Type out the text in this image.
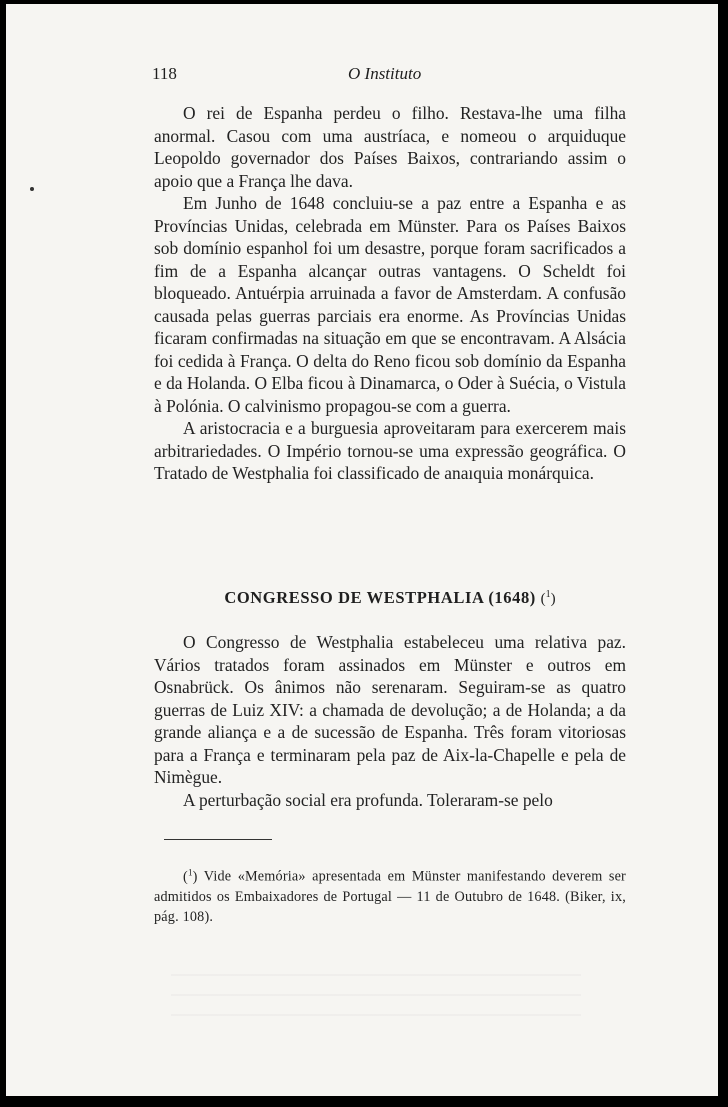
118	O Instituto

O rei de Espanha perdeu o filho. Restava-lhe uma filha anormal. Casou com uma austríaca, e nomeou o arquiduque Leopoldo governador dos Países Baixos, contrariando assim o apoio que a França lhe dava.

Em Junho de 1648 concluiu-se a paz entre a Espanha e as Províncias Unidas, celebrada em Münster. Para os Países Baixos sob domínio espanhol foi um desastre, porque foram sacrificados a fim de a Espanha alcançar outras vantagens. O Scheldt foi bloqueado. Antuérpia arruinada a favor de Amsterdam. A confusão causada pelas guerras parciais era enorme. As Províncias Unidas ficaram confirmadas na situação em que se encontravam. A Alsácia foi cedida à França. O delta do Reno ficou sob domínio da Espanha e da Holanda. O Elba ficou à Dinamarca, o Oder à Suécia, o Vistula à Polónia. O calvinismo propagou-se com a guerra.

A aristocracia e a burguesia aproveitaram para exercerem mais arbitrariedades. O Império tornou-se uma expressão geográfica. O Tratado de Westphalia foi classificado de anaıquia monárquica.

CONGRESSO DE WESTPHALIA (1648) ($^1$)

O Congresso de Westphalia estabeleceu uma relativa paz. Vários tratados foram assinados em Münster e outros em Osnabrück. Os ânimos não serenaram. Seguiram-se as quatro guerras de Luiz XIV: a chamada de devolução; a de Holanda; a da grande aliança e a de sucessão de Espanha. Três foram vitoriosas para a França e terminaram pela paz de Aix-la-Chapelle e pela de Nimègue.

A perturbação social era profunda. Toleraram-se pelo

($^1$) Vide «Memória» apresentada em Münster manifestando deverem ser admitidos os Embaixadores de Portugal — 11 de Outubro de 1648. (Biker, ix, pág. 108).
